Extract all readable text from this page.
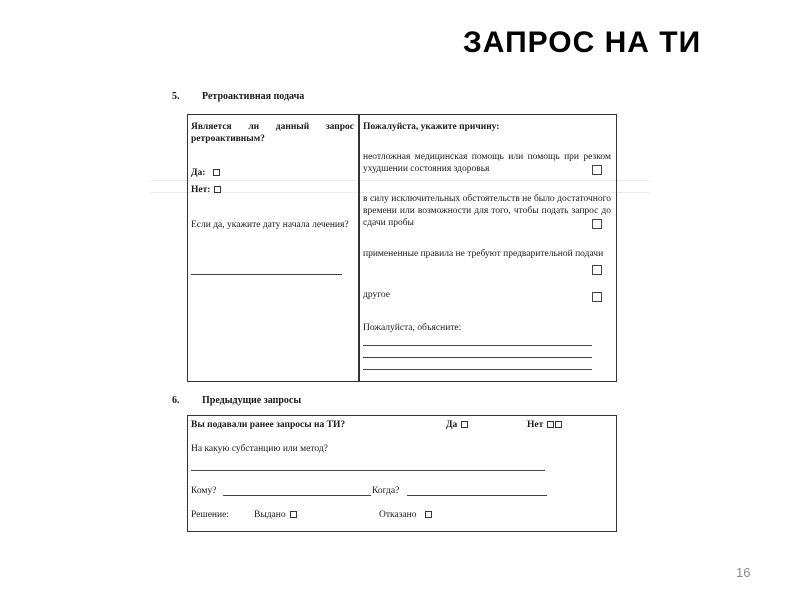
ЗАПРОС НА ТИ
5. Ретроактивная подача
Является ли данный запрос ретроактивным?
Да:
Нет:
Если да, укажите дату начала лечения?
Пожалуйста, укажите причину:
неотложная медицинская помощь или помощь при резком ухудшении состояния здоровья
в силу исключительных обстоятельств не было достаточного времени или возможности для того, чтобы подать запрос до сдачи пробы
примененные правила не требуют предварительной подачи
другое
Пожалуйста, объясните:
6. Предыдущие запросы
Вы подавали ранее запросы на ТИ?	Да	Нет
На какую субстанцию или метод?
Кому?	Когда?
Решение:	Выдано	Отказано
16
